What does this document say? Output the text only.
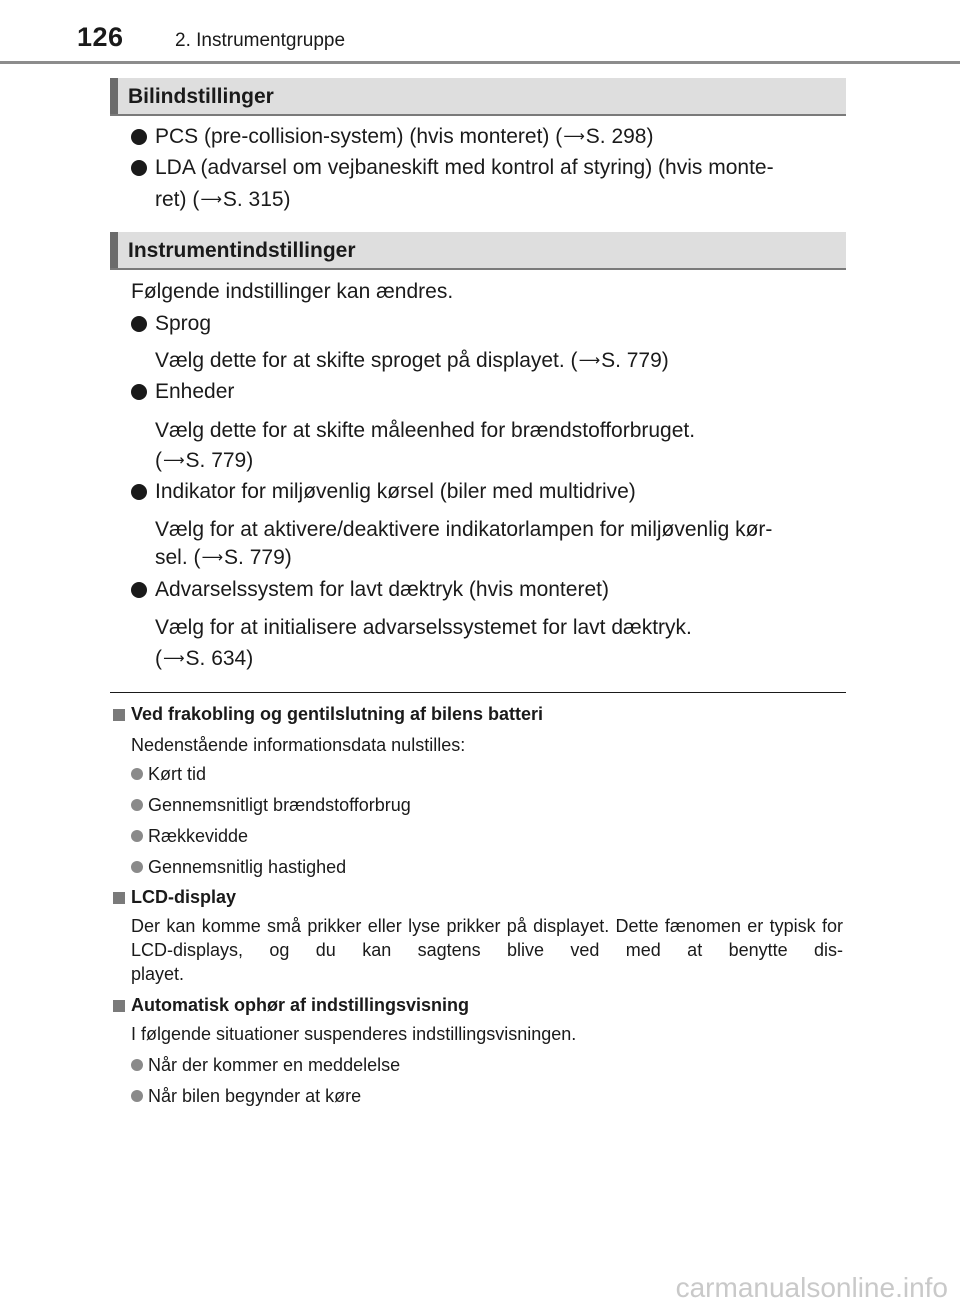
126	2. Instrumentgruppe
Bilindstillinger
PCS (pre-collision-system) (hvis monteret) (⟶S. 298)
LDA (advarsel om vejbaneskift med kontrol af styring) (hvis monte-
ret) (⟶S. 315)
Instrumentindstillinger
Følgende indstillinger kan ændres.
Sprog
Vælg dette for at skifte sproget på displayet. (⟶S. 779)
Enheder
Vælg dette for at skifte måleenhed for brændstofforbruget.
(⟶S. 779)
Indikator for miljøvenlig kørsel (biler med multidrive)
Vælg for at aktivere/deaktivere indikatorlampen for miljøvenlig kør-
sel. (⟶S. 779)
Advarselssystem for lavt dæktryk (hvis monteret)
Vælg for at initialisere advarselssystemet for lavt dæktryk.
(⟶S. 634)
Ved frakobling og gentilslutning af bilens batteri
Nedenstående informationsdata nulstilles:
Kørt tid
Gennemsnitligt brændstofforbrug
Rækkevidde
Gennemsnitlig hastighed
LCD-display
Der kan komme små prikker eller lyse prikker på displayet. Dette fænomen er typisk for LCD-displays, og du kan sagtens blive ved med at benytte dis-
playet.
Automatisk ophør af indstillingsvisning
I følgende situationer suspenderes indstillingsvisningen.
Når der kommer en meddelelse
Når bilen begynder at køre
carmanualsonline.info
